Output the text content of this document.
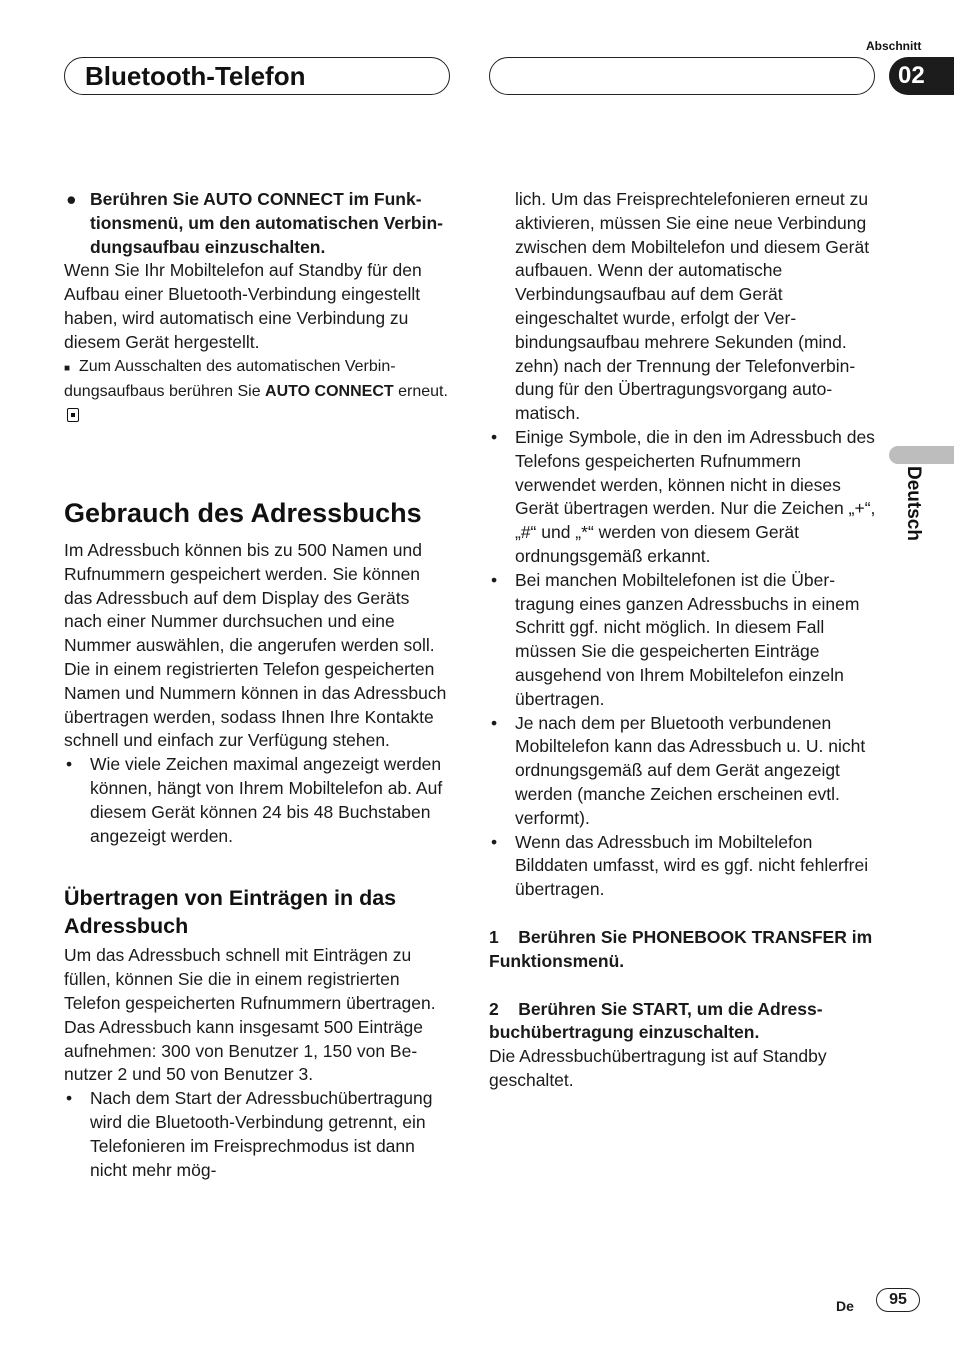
Bluetooth-Telefon
Abschnitt
02
Deutsch
● Berühren Sie AUTO CONNECT im Funktionsmenü, um den automatischen Verbindungsaufbau einzuschalten.

Wenn Sie Ihr Mobiltelefon auf Standby für den Aufbau einer Bluetooth-Verbindung eingestellt haben, wird automatisch eine Verbindung zu diesem Gerät hergestellt.

■ Zum Ausschalten des automatischen Verbindungsaufbaus berühren Sie AUTO CONNECT erneut.

Gebrauch des Adressbuchs

Im Adressbuch können bis zu 500 Namen und Rufnummern gespeichert werden. Sie können das Adressbuch auf dem Display des Geräts nach einer Nummer durchsuchen und eine Nummer auswählen, die angerufen werden soll. Die in einem registrierten Telefon gespeicherten Namen und Nummern können in das Adressbuch übertragen werden, sodass Ihnen Ihre Kontakte schnell und einfach zur Verfügung stehen.

• Wie viele Zeichen maximal angezeigt werden können, hängt von Ihrem Mobiltelefon ab. Auf diesem Gerät können 24 bis 48 Buchstaben angezeigt werden.

Übertragen von Einträgen in das Adressbuch

Um das Adressbuch schnell mit Einträgen zu füllen, können Sie die in einem registrierten Telefon gespeicherten Rufnummern übertragen.

Das Adressbuch kann insgesamt 500 Einträge aufnehmen: 300 von Benutzer 1, 150 von Benutzer 2 und 50 von Benutzer 3.

• Nach dem Start der Adressbuchübertragung wird die Bluetooth-Verbindung getrennt, ein Telefonieren im Freisprechmodus ist dann nicht mehr mög-

lich. Um das Freisprechtelefonieren erneut zu aktivieren, müssen Sie eine neue Verbindung zwischen dem Mobiltelefon und diesem Gerät aufbauen. Wenn der automatische Verbindungsaufbau auf dem Gerät eingeschaltet wurde, erfolgt der Verbindungsaufbau mehrere Sekunden (mind. zehn) nach der Trennung der Telefonverbindung für den Übertragungsvorgang automatisch.

• Einige Symbole, die in den im Adressbuch des Telefons gespeicherten Rufnummern verwendet werden, können nicht in dieses Gerät übertragen werden. Nur die Zeichen „+“, „#“ und „*“ werden von diesem Gerät ordnungsgemäß erkannt.

• Bei manchen Mobiltelefonen ist die Übertragung eines ganzen Adressbuchs in einem Schritt ggf. nicht möglich. In diesem Fall müssen Sie die gespeicherten Einträge ausgehend von Ihrem Mobiltelefon einzeln übertragen.

• Je nach dem per Bluetooth verbundenen Mobiltelefon kann das Adressbuch u. U. nicht ordnungsgemäß auf dem Gerät angezeigt werden (manche Zeichen erscheinen evtl. verformt).

• Wenn das Adressbuch im Mobiltelefon Bilddaten umfasst, wird es ggf. nicht fehlerfrei übertragen.

1 Berühren Sie PHONEBOOK TRANSFER im Funktionsmenü.

2 Berühren Sie START, um die Adressbuchübertragung einzuschalten.

Die Adressbuchübertragung ist auf Standby geschaltet.

De	95
